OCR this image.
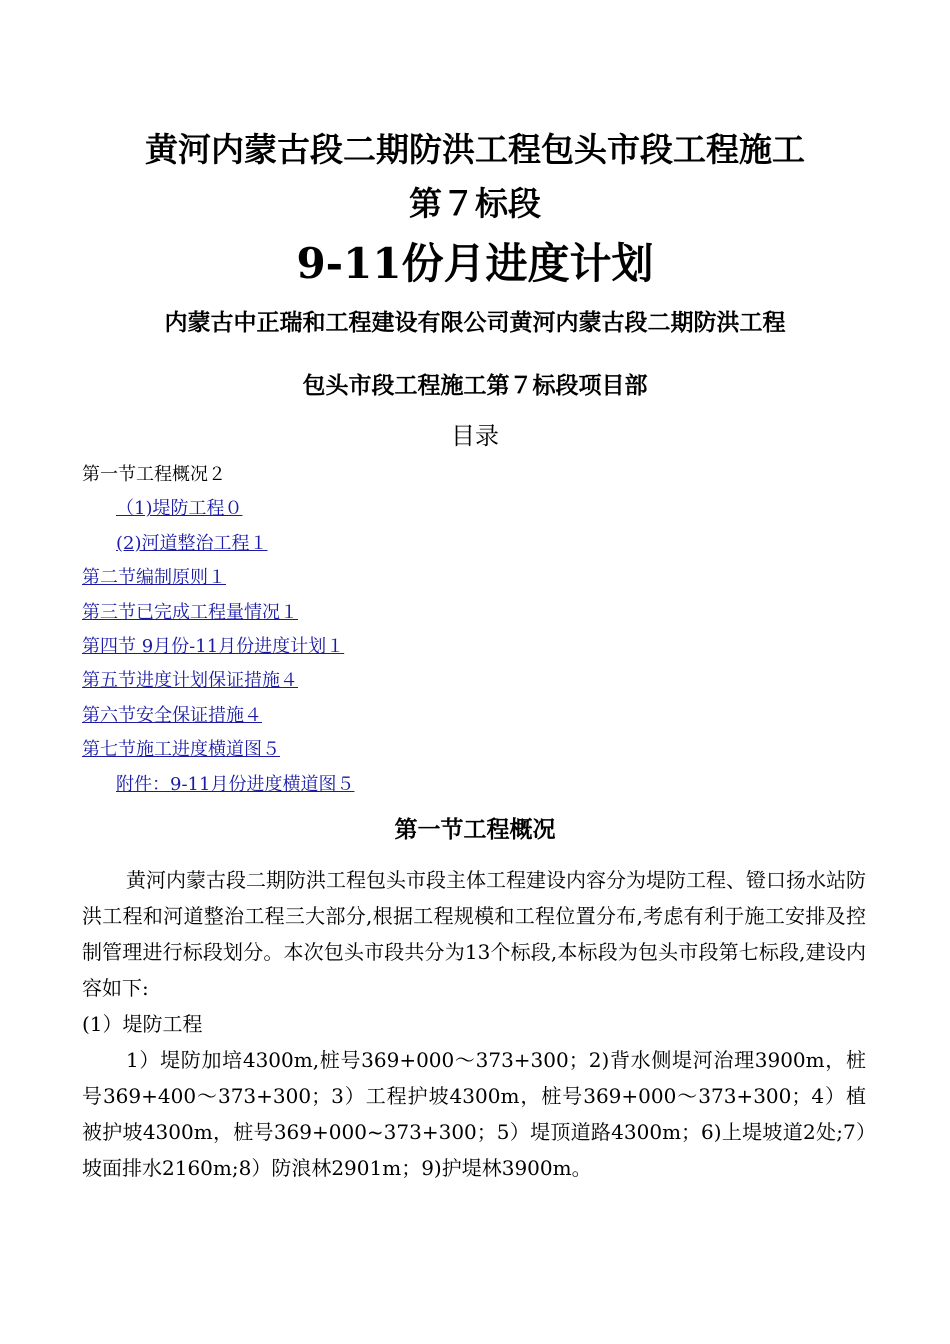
黄河内蒙古段二期防洪工程包头市段工程施工
第７标段
9-11份月进度计划
内蒙古中正瑞和工程建设有限公司黄河内蒙古段二期防洪工程
包头市段工程施工第７标段项目部
目录
第一节工程概况２
（1)堤防工程０
(2)河道整治工程１
第二节编制原则１
第三节已完成工程量情况１
第四节 9月份-11月份进度计划１
第五节进度计划保证措施４
第六节安全保证措施４
第七节施工进度横道图５
附件：9-11月份进度横道图５
第一节工程概况

黄河内蒙古段二期防洪工程包头市段主体工程建设内容分为堤防工程、镫口扬水站防洪工程和河道整治工程三大部分,根据工程规模和工程位置分布,考虑有利于施工安排及控制管理进行标段划分。本次包头市段共分为13个标段,本标段为包头市段第七标段,建设内容如下:

(1）堤防工程

1）堤防加培4300m,桩号369+000～373+300；2)背水侧堤河治理3900m，桩号369+400～373+300；3）工程护坡4300m，桩号369+000～373+300；4）植被护坡4300m，桩号369+000~373+300；5）堤顶道路4300m；6)上堤坡道2处;7）坡面排水2160m;8）防浪林2901m；9)护堤林3900m。
